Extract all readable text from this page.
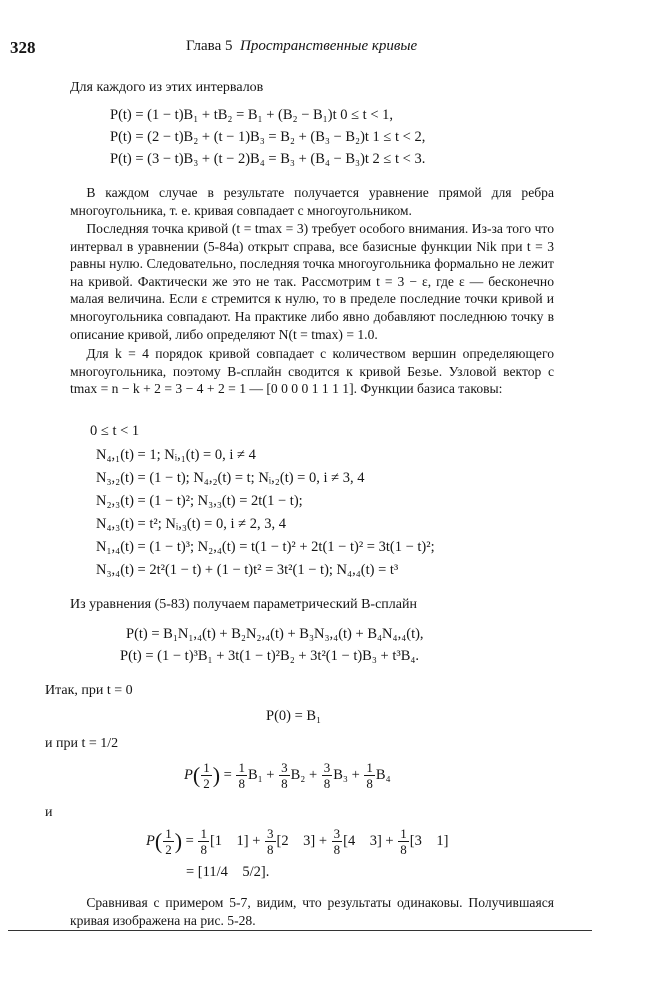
328	Глава 5 Пространственные кривые
Для каждого из этих интервалов
P(t) = (1 − t)B₁ + tB₂ = B₁ + (B₂ − B₁)t 0 ≤ t < 1,
P(t) = (2 − t)B₂ + (t − 1)B₃ = B₂ + (B₃ − B₂)t 1 ≤ t < 2,
P(t) = (3 − t)B₃ + (t − 2)B₄ = B₃ + (B₄ − B₃)t 2 ≤ t < 3.
В каждом случае в результате получается уравнение прямой для ребра многоугольника, т. е. кривая совпадает с многоугольником.
Последняя точка кривой (t = tmax = 3) требует особого внимания. Из-за того что интервал в уравнении (5-84а) открыт справа, все базисные функции Nik при t = 3 равны нулю. Следовательно, последняя точка многоугольника формально не лежит на кривой. Фактически же это не так. Рассмотрим t = 3 − ε, где ε — бесконечно малая величина. Если ε стремится к нулю, то в пределе последние точки кривой и многоугольника совпадают. На практике либо явно добавляют последнюю точку в описание кривой, либо определяют N(t = tmax) = 1.0.
Для k = 4 порядок кривой совпадает с количеством вершин определяющего многоугольника, поэтому B-сплайн сводится к кривой Безье. Узловой вектор с tmax = n − k + 2 = 3 − 4 + 2 = 1 — [0 0 0 0 1 1 1 1]. Функции базиса таковы:
0 ≤ t < 1
N₄,₁(t) = 1; Nᵢ,₁(t) = 0, i ≠ 4
N₃,₂(t) = (1 − t); N₄,₂(t) = t; Nᵢ,₂(t) = 0, i ≠ 3, 4
N₂,₃(t) = (1 − t)²; N₃,₃(t) = 2t(1 − t);
N₄,₃(t) = t²; Nᵢ,₃(t) = 0, i ≠ 2, 3, 4
N₁,₄(t) = (1 − t)³; N₂,₄(t) = t(1 − t)² + 2t(1 − t)² = 3t(1 − t)²;
N₃,₄(t) = 2t²(1 − t) + (1 − t)t² = 3t²(1 − t); N₄,₄(t) = t³
Из уравнения (5-83) получаем параметрический B-сплайн
P(t) = B₁N₁,₄(t) + B₂N₂,₄(t) + B₃N₃,₄(t) + B₄N₄,₄(t),
P(t) = (1 − t)³B₁ + 3t(1 − t)²B₂ + 3t²(1 − t)B₃ + t³B₄.
Итак, при t = 0
P(0) = B₁
и при t = 1/2
$P( \frac{1}{2}$ ) = $\frac{1}{8} B_1 + \frac{3}{8} B_2 + \frac{3}{8} B_3 + \frac{1}{8} B_4$
и
$P( \frac{1}{2}$ ) = $\frac{1}{8} [1$    $1] + \frac{3}{8} [2$    $3] + \frac{3}{8} [4$    $3] + \frac{1}{8} [3$    1]
= [11/4    5/2].
Сравнивая с примером 5-7, видим, что результаты одинаковы. Получившаяся кривая изображена на рис. 5-28.
